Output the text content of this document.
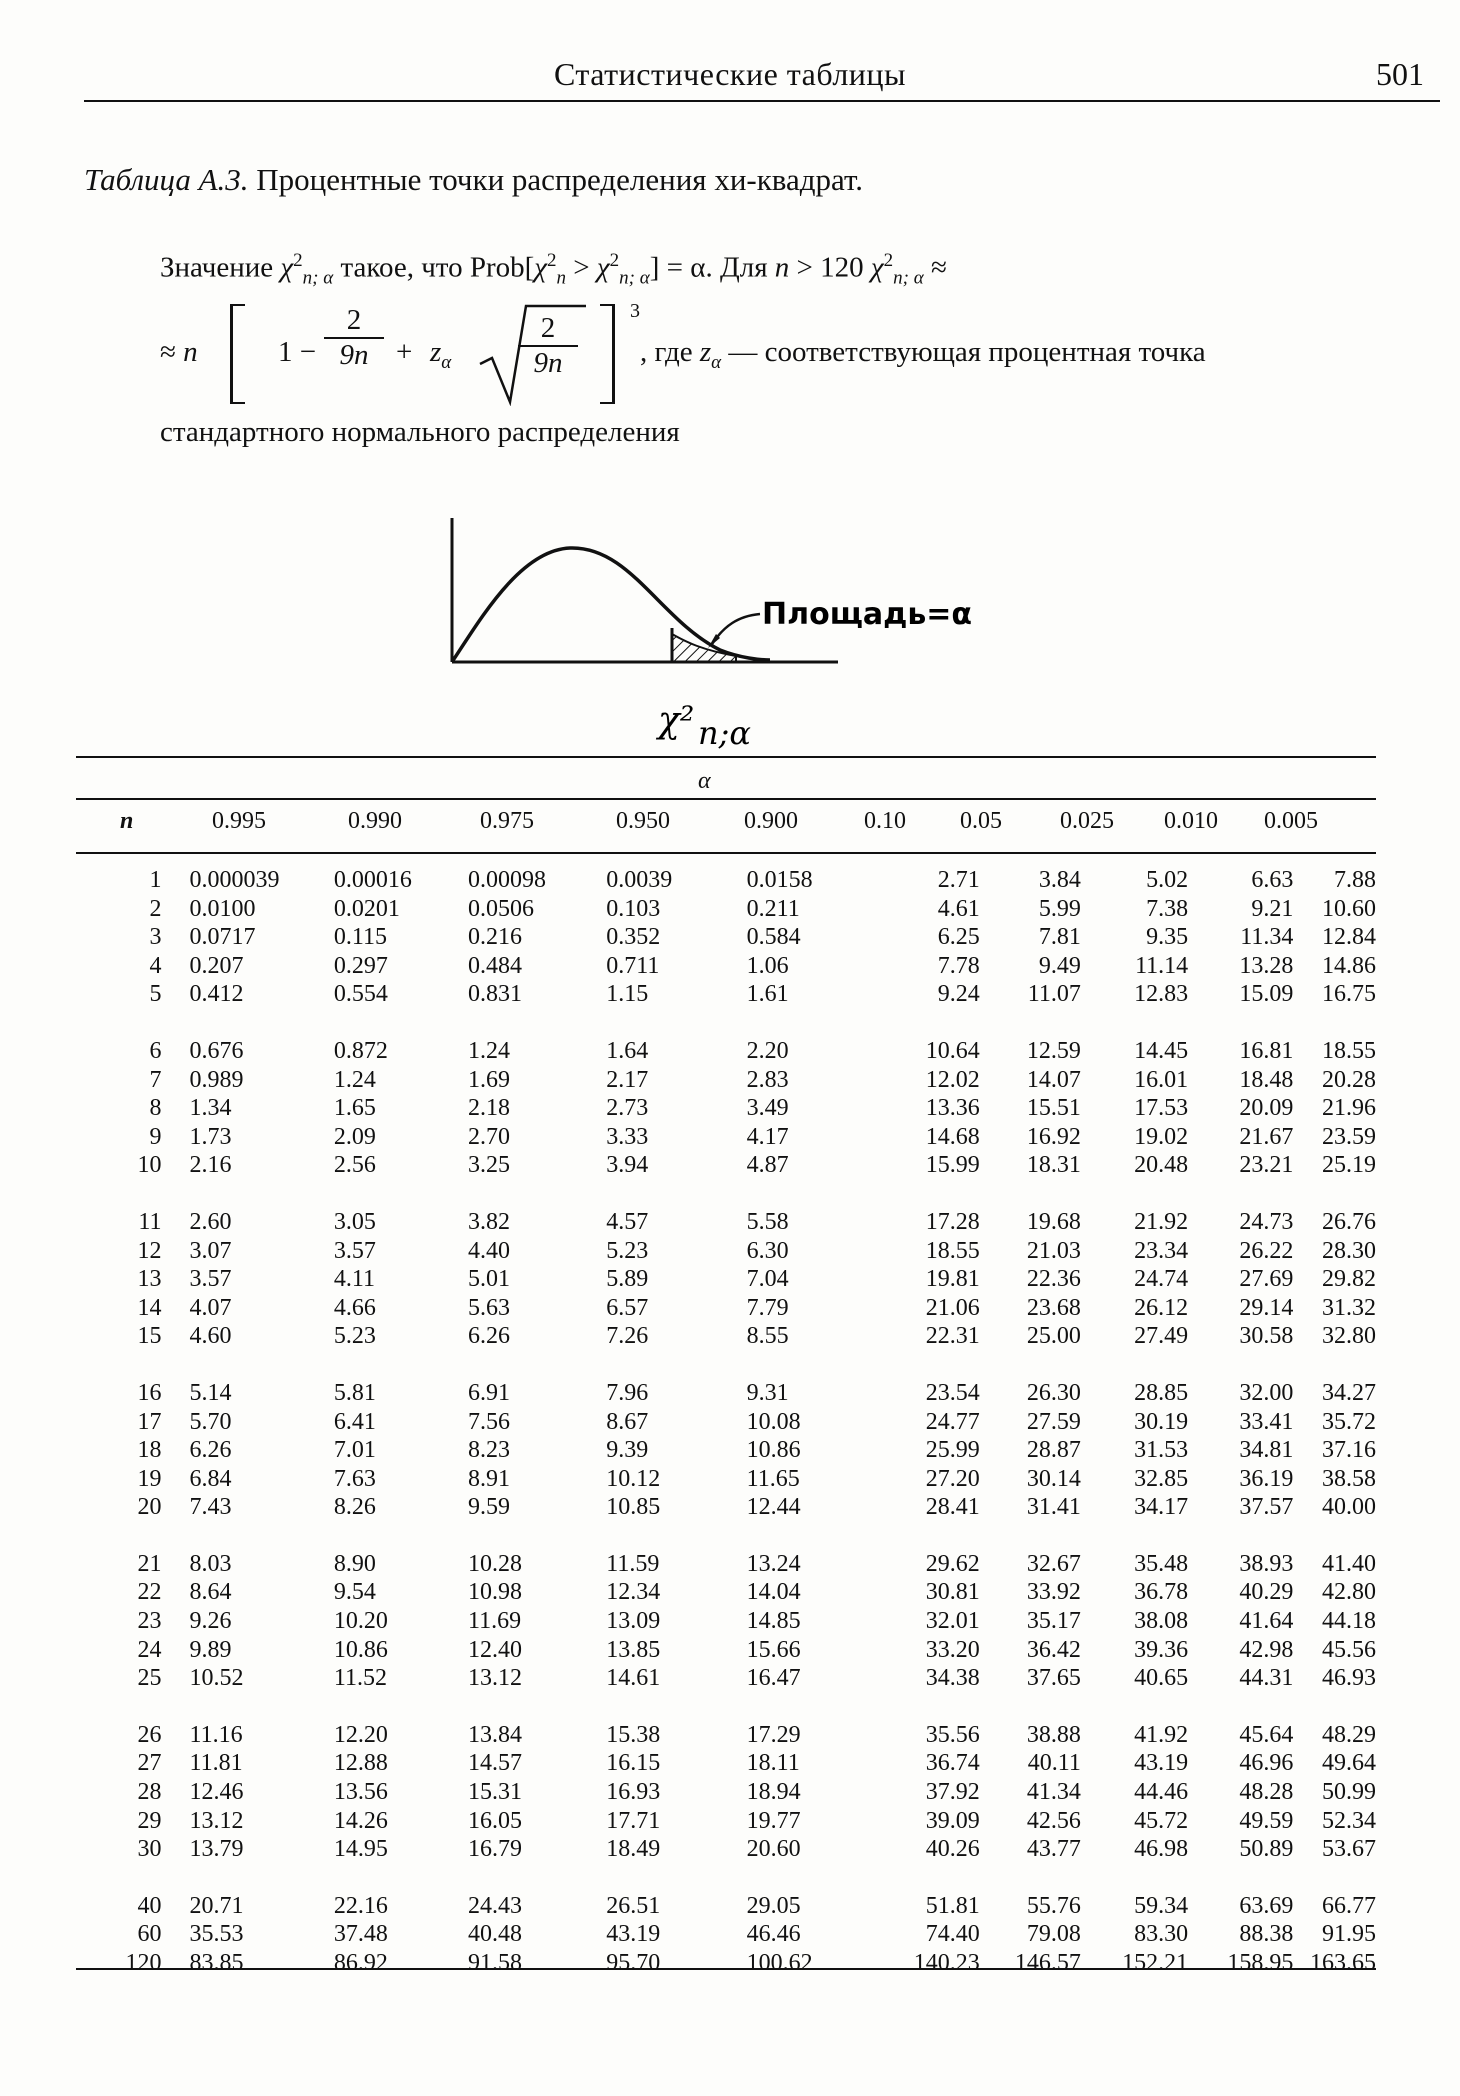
Статистические таблицы	501
Таблица А.3. Процентные точки распределения хи-квадрат.
Значение $\chi^2_{n; \alpha}$ такое, что $Prob[\chi^2_n > \chi^2_{n; \alpha}] = \alpha$. Для n > 120 $\chi^2_{n; \alpha}$ ≈
≈ n	$1 - \frac{2}{9n} + z_\alpha \frac{2}{9n}$
3
, где $z_\alpha$ — соответствующая процентная точка
стандартного нормального распределения
Площадь=α
χ² n;α
α
n	0.995	0.990	0.975	0.950	0.900	0.10 0.05 0.025 0.010 0.005
1	0.000039	0.00016	0.00098	0.0039	0.0158	2.71	3.84	5.02	6.63	7.88
2	0.0100	0.0201	0.0506	0.103	0.211	4.61	5.99	7.38	9.21	10.60
3	0.0717	0.115	0.216	0.352	0.584	6.25	7.81	9.35	11.34	12.84
4	0.207	0.297	0.484	0.711	1.06	7.78	9.49	11.14	13.28	14.86
5	0.412	0.554	0.831	1.15	1.61	9.24	11.07	12.83	15.09	16.75

6	0.676	0.872	1.24	1.64	2.20	10.64	12.59	14.45	16.81	18.55
7	0.989	1.24	1.69	2.17	2.83	12.02	14.07	16.01	18.48	20.28
8	1.34	1.65	2.18	2.73	3.49	13.36	15.51	17.53	20.09	21.96
9	1.73	2.09	2.70	3.33	4.17	14.68	16.92	19.02	21.67	23.59
10	2.16	2.56	3.25	3.94	4.87	15.99	18.31	20.48	23.21	25.19

11	2.60	3.05	3.82	4.57	5.58	17.28	19.68	21.92	24.73	26.76
12	3.07	3.57	4.40	5.23	6.30	18.55	21.03	23.34	26.22	28.30
13	3.57	4.11	5.01	5.89	7.04	19.81	22.36	24.74	27.69	29.82
14	4.07	4.66	5.63	6.57	7.79	21.06	23.68	26.12	29.14	31.32
15	4.60	5.23	6.26	7.26	8.55	22.31	25.00	27.49	30.58	32.80

16	5.14	5.81	6.91	7.96	9.31	23.54	26.30	28.85	32.00	34.27
17	5.70	6.41	7.56	8.67	10.08	24.77	27.59	30.19	33.41	35.72
18	6.26	7.01	8.23	9.39	10.86	25.99	28.87	31.53	34.81	37.16
19	6.84	7.63	8.91	10.12	11.65	27.20	30.14	32.85	36.19	38.58
20	7.43	8.26	9.59	10.85	12.44	28.41	31.41	34.17	37.57	40.00

21	8.03	8.90	10.28	11.59	13.24	29.62	32.67	35.48	38.93	41.40
22	8.64	9.54	10.98	12.34	14.04	30.81	33.92	36.78	40.29	42.80
23	9.26	10.20	11.69	13.09	14.85	32.01	35.17	38.08	41.64	44.18
24	9.89	10.86	12.40	13.85	15.66	33.20	36.42	39.36	42.98	45.56
25	10.52	11.52	13.12	14.61	16.47	34.38	37.65	40.65	44.31	46.93

26	11.16	12.20	13.84	15.38	17.29	35.56	38.88	41.92	45.64	48.29
27	11.81	12.88	14.57	16.15	18.11	36.74	40.11	43.19	46.96	49.64
28	12.46	13.56	15.31	16.93	18.94	37.92	41.34	44.46	48.28	50.99
29	13.12	14.26	16.05	17.71	19.77	39.09	42.56	45.72	49.59	52.34
30	13.79	14.95	16.79	18.49	20.60	40.26	43.77	46.98	50.89	53.67

40	20.71	22.16	24.43	26.51	29.05	51.81	55.76	59.34	63.69	66.77
60	35.53	37.48	40.48	43.19	46.46	74.40	79.08	83.30	88.38	91.95
120	83.85	86.92	91.58	95.70	100.62	140.23	146.57	152.21	158.95	163.65
